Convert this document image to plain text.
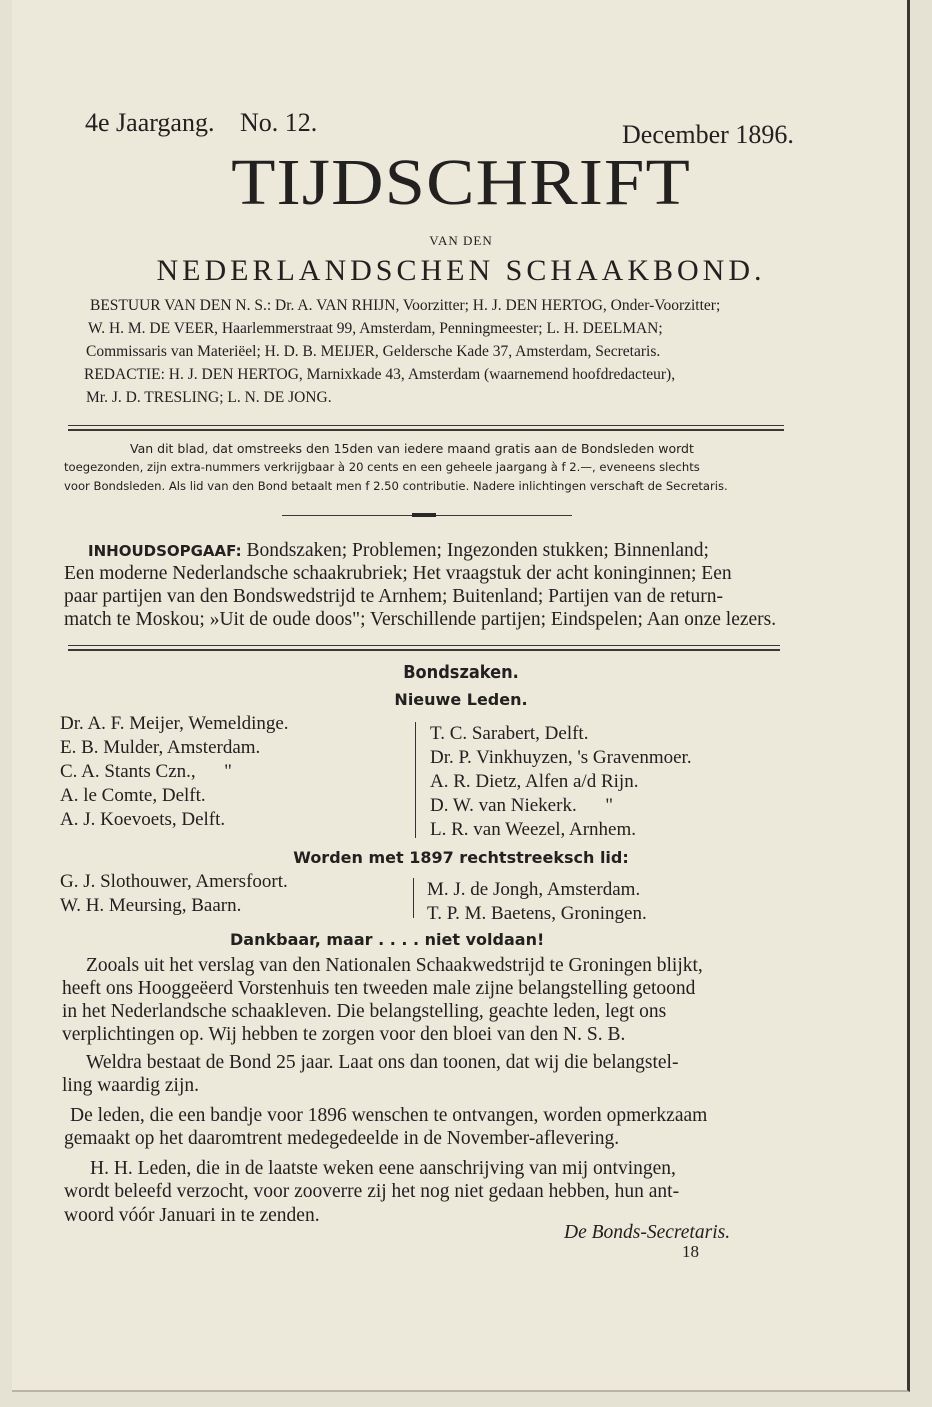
4e Jaargang. No. 12.	December 1896.
TIJDSCHRIFT
VAN DEN
NEDERLANDSCHEN SCHAAKBOND.
BESTUUR VAN DEN N. S.: Dr. A. VAN RHIJN, Voorzitter; H. J. DEN HERTOG, Onder-Voorzitter;
W. H. M. DE VEER, Haarlemmerstraat 99, Amsterdam, Penningmeester; L. H. DEELMAN;
Commissaris van Materiëel; H. D. B. MEIJER, Geldersche Kade 37, Amsterdam, Secretaris.
REDACTIE: H. J. DEN HERTOG, Marnixkade 43, Amsterdam (waarnemend hoofdredacteur),
Mr. J. D. TRESLING; L. N. DE JONG.
Van dit blad, dat omstreeks den 15den van iedere maand gratis aan de Bondsleden wordt
toegezonden, zijn extra-nummers verkrijgbaar à 20 cents en een geheele jaargang à f 2.—, eveneens slechts
voor Bondsleden. Als lid van den Bond betaalt men f 2.50 contributie. Nadere inlichtingen verschaft de Secretaris.
INHOUDSOPGAAF: Bondszaken; Problemen; Ingezonden stukken; Binnenland;
Een moderne Nederlandsche schaakrubriek; Het vraagstuk der acht koninginnen; Een
paar partijen van den Bondswedstrijd te Arnhem; Buitenland; Partijen van de return-
match te Moskou; »Uit de oude doos"; Verschillende partijen; Eindspelen; Aan onze lezers.
Bondszaken.
Nieuwe Leden.
Dr. A. F. Meijer, Wemeldinge.
E. B. Mulder, Amsterdam.
C. A. Stants Czn.,      "
A. le Comte, Delft.
A. J. Koevoets, Delft.
T. C. Sarabert, Delft.
Dr. P. Vinkhuyzen, 's Gravenmoer.
A. R. Dietz, Alfen a/d Rijn.
D. W. van Niekerk.      "
L. R. van Weezel, Arnhem.
Worden met 1897 rechtstreeksch lid:
G. J. Slothouwer, Amersfoort.
W. H. Meursing, Baarn.
M. J. de Jongh, Amsterdam.
T. P. M. Baetens, Groningen.
Dankbaar, maar . . . . niet voldaan!
Zooals uit het verslag van den Nationalen Schaakwedstrijd te Groningen blijkt,
heeft ons Hooggeëerd Vorstenhuis ten tweeden male zijne belangstelling getoond
in het Nederlandsche schaakleven. Die belangstelling, geachte leden, legt ons
verplichtingen op. Wij hebben te zorgen voor den bloei van den N. S. B.
Weldra bestaat de Bond 25 jaar. Laat ons dan toonen, dat wij die belangstel-
ling waardig zijn.
De leden, die een bandje voor 1896 wenschen te ontvangen, worden opmerkzaam
gemaakt op het daaromtrent medegedeelde in de November-aflevering.
H. H. Leden, die in de laatste weken eene aanschrijving van mij ontvingen,
wordt beleefd verzocht, voor zooverre zij het nog niet gedaan hebben, hun ant-
woord vóór Januari in te zenden.
De Bonds-Secretaris.
18
